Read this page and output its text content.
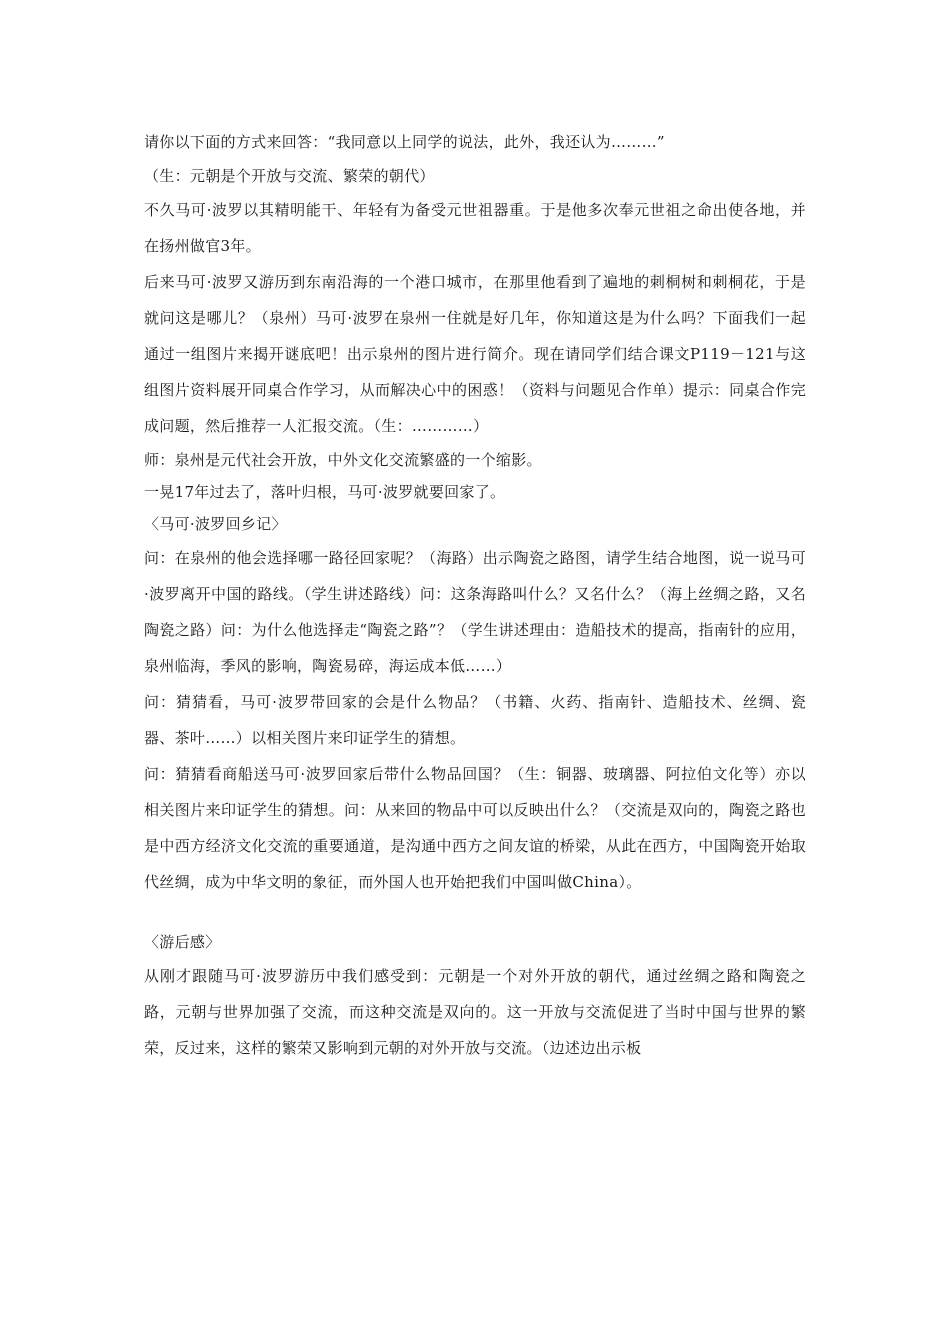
请你以下面的方式来回答：“我同意以上同学的说法，此外，我还认为………”

（生：元朝是个开放与交流、繁荣的朝代）

不久马可·波罗以其精明能干、年轻有为备受元世祖器重。于是他多次奉元世祖之命出使各地，并在扬州做官3年。

后来马可·波罗又游历到东南沿海的一个港口城市，在那里他看到了遍地的刺桐树和刺桐花，于是就问这是哪儿？（泉州）马可·波罗在泉州一住就是好几年，你知道这是为什么吗？下面我们一起通过一组图片来揭开谜底吧！出示泉州的图片进行简介。现在请同学们结合课文P119－121与这组图片资料展开同桌合作学习，从而解决心中的困惑！（资料与问题见合作单）提示：同桌合作完成问题，然后推荐一人汇报交流。（生：…………）

师：泉州是元代社会开放，中外文化交流繁盛的一个缩影。

一晃17年过去了，落叶归根，马可·波罗就要回家了。

〈马可·波罗回乡记〉

问：在泉州的他会选择哪一路径回家呢？（海路）出示陶瓷之路图，请学生结合地图，说一说马可·波罗离开中国的路线。（学生讲述路线）问：这条海路叫什么？又名什么？（海上丝绸之路，又名陶瓷之路）问：为什么他选择走“陶瓷之路”？（学生讲述理由：造船技术的提高，指南针的应用，泉州临海，季风的影响，陶瓷易碎，海运成本低……）

问：猜猜看，马可·波罗带回家的会是什么物品？（书籍、火药、指南针、造船技术、丝绸、瓷器、茶叶……）以相关图片来印证学生的猜想。

问：猜猜看商船送马可·波罗回家后带什么物品回国？（生：铜器、玻璃器、阿拉伯文化等）亦以相关图片来印证学生的猜想。问：从来回的物品中可以反映出什么？（交流是双向的，陶瓷之路也是中西方经济文化交流的重要通道，是沟通中西方之间友谊的桥梁，从此在西方，中国陶瓷开始取代丝绸，成为中华文明的象征，而外国人也开始把我们中国叫做China）。

〈游后感〉

从刚才跟随马可·波罗游历中我们感受到：元朝是一个对外开放的朝代，通过丝绸之路和陶瓷之路，元朝与世界加强了交流，而这种交流是双向的。这一开放与交流促进了当时中国与世界的繁荣，反过来，这样的繁荣又影响到元朝的对外开放与交流。（边述边出示板
